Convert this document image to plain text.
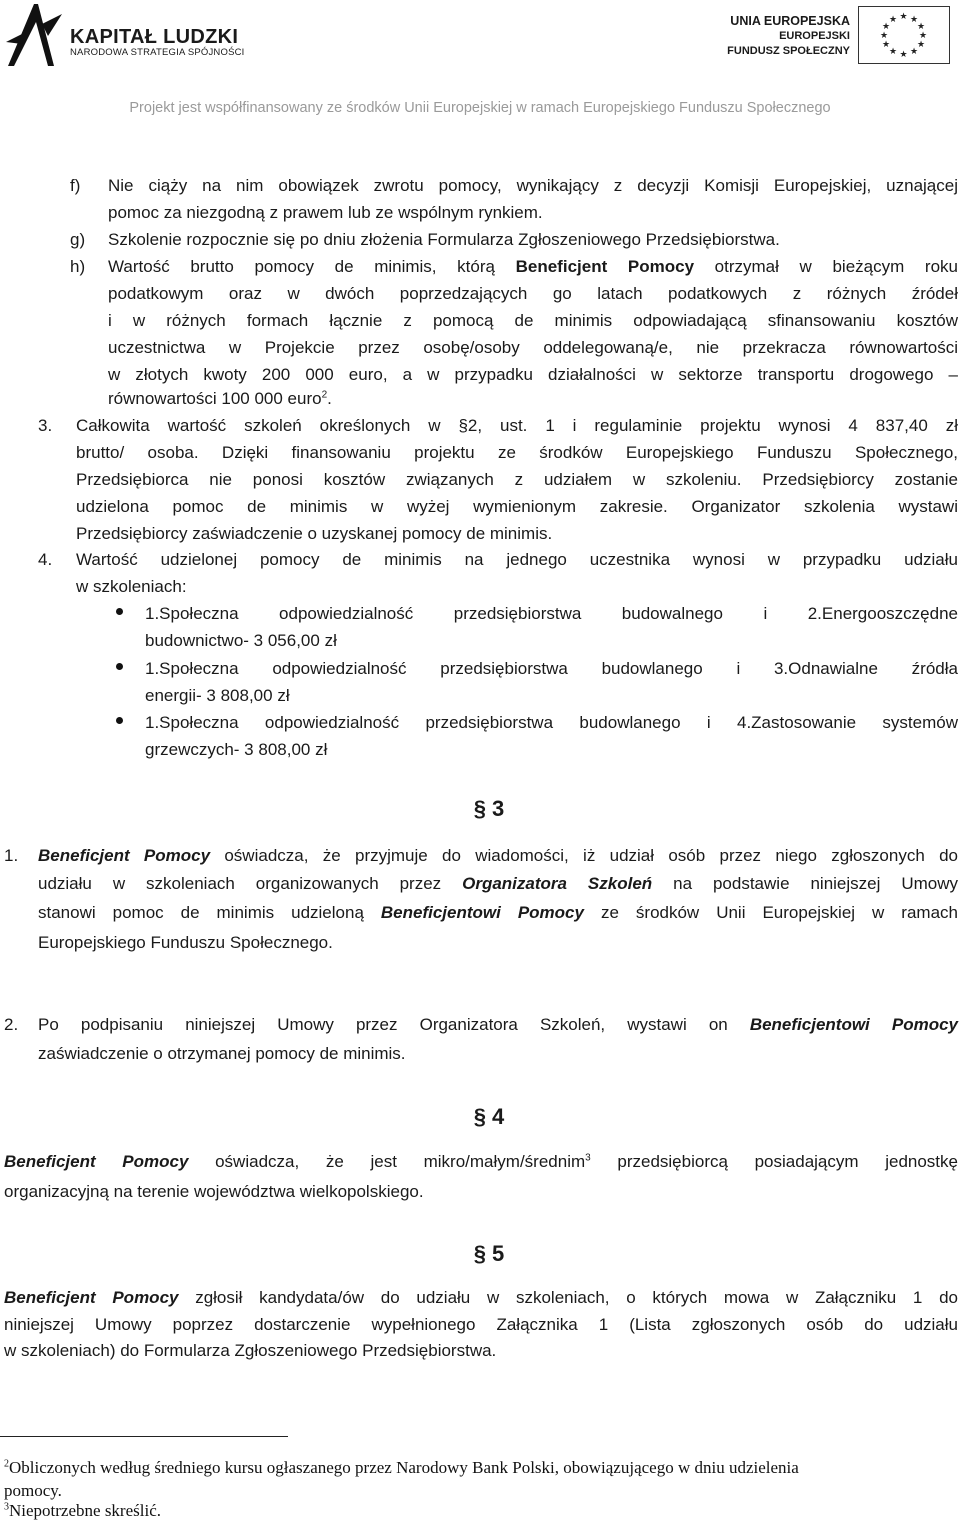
KAPITAŁ LUDZKI
NARODOWA STRATEGIA SPÓJNOŚCI
UNIA EUROPEJSKA
EUROPEJSKI
FUNDUSZ SPOŁECZNY
★ ★
★
★
★
★
★
★
★
★
★
★
Projekt jest współfinansowany ze środków Unii Europejskiej w ramach Europejskiego Funduszu Społecznego
f) Nie ciąży na nim obowiązek zwrotu pomocy, wynikający z decyzji Komisji Europejskiej, uznającej
pomoc za niezgodną z prawem lub ze wspólnym rynkiem.
g) Szkolenie rozpocznie się po dniu złożenia Formularza Zgłoszeniowego Przedsiębiorstwa.
h) Wartość brutto pomocy de minimis, którą Beneficjent Pomocy otrzymał w bieżącym roku
podatkowym oraz w dwóch poprzedzających go latach podatkowych z różnych źródeł
i w różnych formach łącznie z pomocą de minimis odpowiadającą sfinansowaniu kosztów
uczestnictwa w Projekcie przez osobę/osoby oddelegowaną/e, nie przekracza równowartości
w złotych kwoty 200 000 euro, a w przypadku działalności w sektorze transportu drogowego –
równowartości 100 000 euro$^2$.
3. Całkowita wartość szkoleń określonych w §2, ust. 1 i regulaminie projektu wynosi 4 837,40 zł
brutto/ osoba. Dzięki finansowaniu projektu ze środków Europejskiego Funduszu Społecznego,
Przedsiębiorca nie ponosi kosztów związanych z udziałem w szkoleniu. Przedsiębiorcy zostanie
udzielona pomoc de minimis w wyżej wymienionym zakresie. Organizator szkolenia wystawi
Przedsiębiorcy zaświadczenie o uzyskanej pomocy de minimis.
4. Wartość udzielonej pomocy de minimis na jednego uczestnika wynosi w przypadku udziału
w szkoleniach:
1.Społeczna odpowiedzialność przedsiębiorstwa budowalnego i 2.Energooszczędne
budownictwo- 3 056,00 zł
1.Społeczna odpowiedzialność przedsiębiorstwa budowlanego i 3.Odnawialne źródła
energii- 3 808,00 zł
1.Społeczna odpowiedzialność przedsiębiorstwa budowlanego i 4.Zastosowanie systemów
grzewczych- 3 808,00 zł
§ 3
1. Beneficjent Pomocy oświadcza, że przyjmuje do wiadomości, iż udział osób przez niego zgłoszonych do
udziału w szkoleniach organizowanych przez Organizatora Szkoleń na podstawie niniejszej Umowy
stanowi pomoc de minimis udzieloną Beneficjentowi Pomocy ze środków Unii Europejskiej w ramach
Europejskiego Funduszu Społecznego.
2. Po podpisaniu niniejszej Umowy przez Organizatora Szkoleń, wystawi on Beneficjentowi Pomocy
zaświadczenie o otrzymanej pomocy de minimis.
§ 4
Beneficjent Pomocy oświadcza, że jest mikro/małym/średnim$^3$ przedsiębiorcą posiadającym jednostkę
organizacyjną na terenie województwa wielkopolskiego.
§ 5
Beneficjent Pomocy zgłosił kandydata/ów do udziału w szkoleniach, o których mowa w Załączniku 1 do
niniejszej Umowy poprzez dostarczenie wypełnionego Załącznika 1 (Lista zgłoszonych osób do udziału
w szkoleniach) do Formularza Zgłoszeniowego Przedsiębiorstwa.
$^2$Obliczonych według średniego kursu ogłaszanego przez Narodowy Bank Polski, obowiązującego w dniu udzielenia
pomocy.
$^3$Niepotrzebne skreślić.
